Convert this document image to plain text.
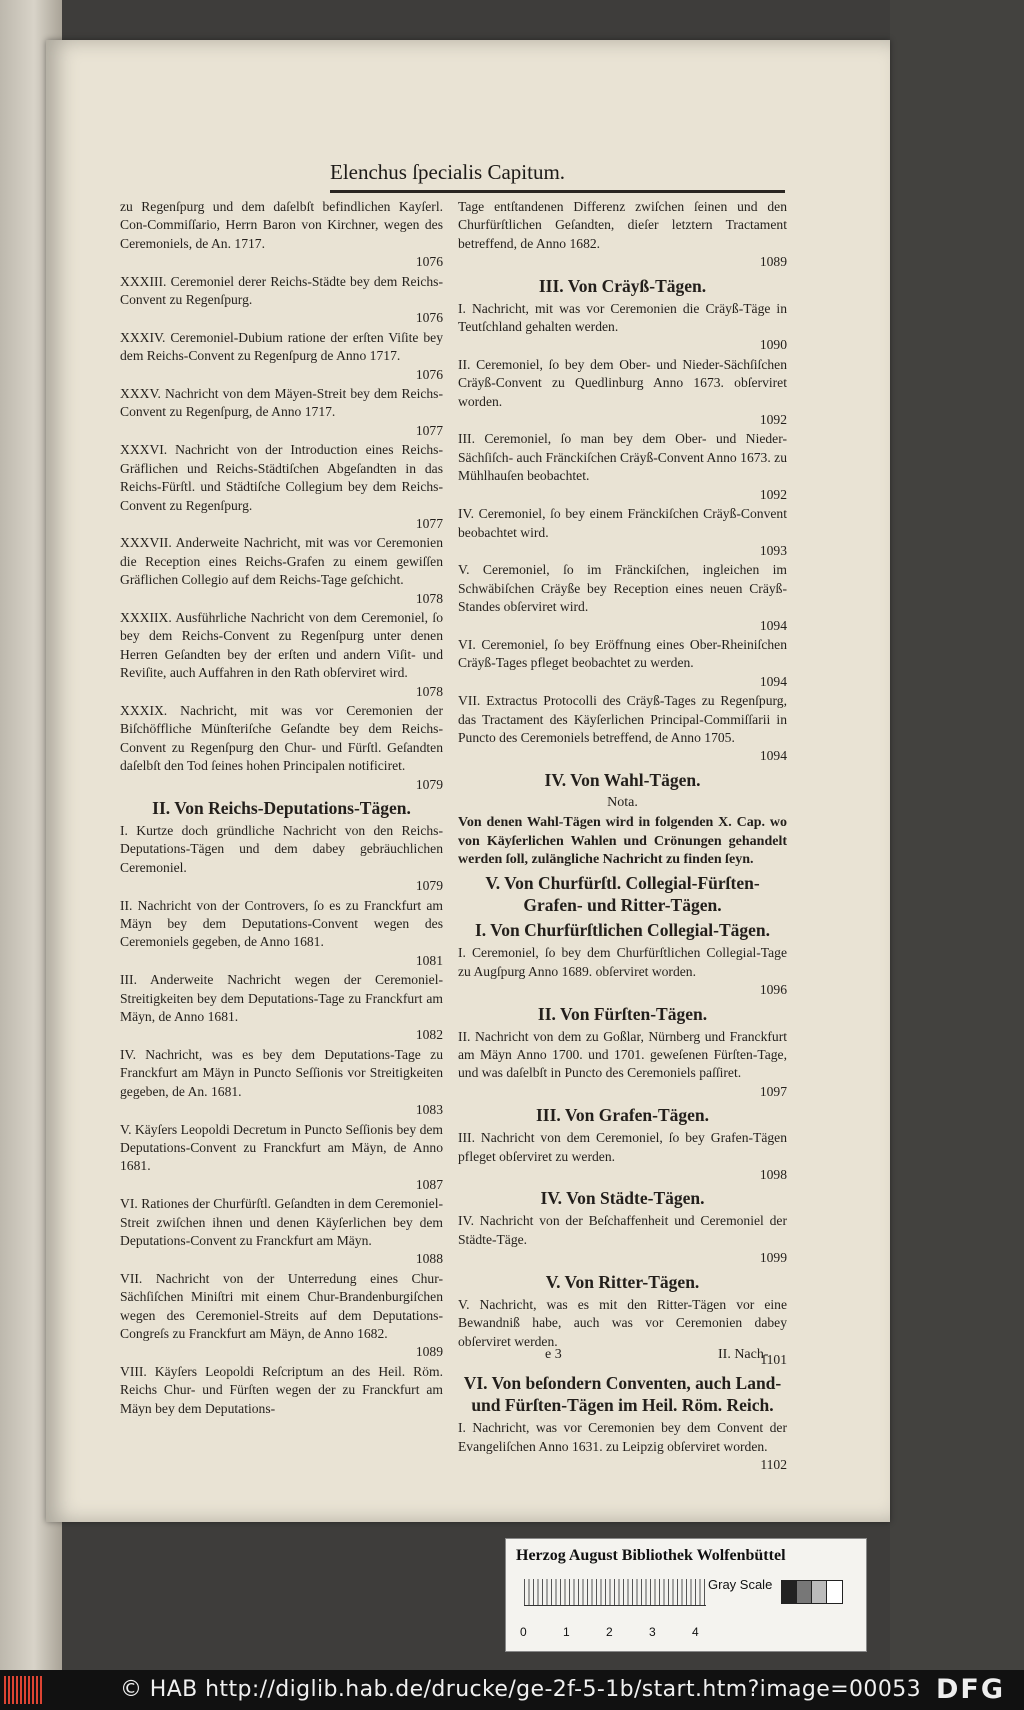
Elenchus ſpecialis Capitum.
zu Regenſpurg und dem daſelbſt befindlichen Kayſerl. Con-Commiſſario, Herrn Baron von Kirchner, wegen des Ceremoniels, de An. 1717.
1076
XXXIII. Ceremoniel derer Reichs-Städte bey dem Reichs-Convent zu Regenſpurg.
1076
XXXIV. Ceremoniel-Dubium ratione der erſten Viſite bey dem Reichs-Convent zu Regenſpurg de Anno 1717.
1076
XXXV. Nachricht von dem Mäyen-Streit bey dem Reichs-Convent zu Regenſpurg, de Anno 1717.
1077
XXXVI. Nachricht von der Introduction eines Reichs-Gräflichen und Reichs-Städtiſchen Abgeſandten in das Reichs-Fürſtl. und Städtiſche Collegium bey dem Reichs-Convent zu Regenſpurg.
1077
XXXVII. Anderweite Nachricht, mit was vor Ceremonien die Reception eines Reichs-Grafen zu einem gewiſſen Gräflichen Collegio auf dem Reichs-Tage geſchicht.
1078
XXXIIX. Ausführliche Nachricht von dem Ceremoniel, ſo bey dem Reichs-Convent zu Regenſpurg unter denen Herren Geſandten bey der erſten und andern Viſit- und Reviſite, auch Auffahren in den Rath obſerviret wird.
1078
XXXIX. Nachricht, mit was vor Ceremonien der Biſchöffliche Münſteriſche Geſandte bey dem Reichs-Convent zu Regenſpurg den Chur- und Fürſtl. Geſandten daſelbſt den Tod ſeines hohen Principalen notificiret.
1079
II. Von Reichs-Deputations-Tägen.
I. Kurtze doch gründliche Nachricht von den Reichs-Deputations-Tägen und dem dabey gebräuchlichen Ceremoniel.
1079
II. Nachricht von der Controvers, ſo es zu Franckfurt am Mäyn bey dem Deputations-Convent wegen des Ceremoniels gegeben, de Anno 1681.
1081
III. Anderweite Nachricht wegen der Ceremoniel-Streitigkeiten bey dem Deputations-Tage zu Franckfurt am Mäyn, de Anno 1681.
1082
IV. Nachricht, was es bey dem Deputations-Tage zu Franckfurt am Mäyn in Puncto Seſſionis vor Streitigkeiten gegeben, de An. 1681.
1083
V. Käyſers Leopoldi Decretum in Puncto Seſſionis bey dem Deputations-Convent zu Franckfurt am Mäyn, de Anno 1681.
1087
VI. Rationes der Churfürſtl. Geſandten in dem Ceremoniel-Streit zwiſchen ihnen und denen Käyſerlichen bey dem Deputations-Convent zu Franckfurt am Mäyn.
1088
VII. Nachricht von der Unterredung eines Chur-Sächſiſchen Miniſtri mit einem Chur-Brandenburgiſchen wegen des Ceremoniel-Streits auf dem Deputations-Congreſs zu Franckfurt am Mäyn, de Anno 1682.
1089
VIII. Käyſers Leopoldi Reſcriptum an des Heil. Röm. Reichs Chur- und Fürſten wegen der zu Franckfurt am Mäyn bey dem Deputations-
Tage entſtandenen Differenz zwiſchen ſeinen und den Churfürſtlichen Geſandten, dieſer letztern Tractament betreffend, de Anno 1682.
1089
III. Von Cräyß-Tägen.
I. Nachricht, mit was vor Ceremonien die Cräyß-Täge in Teutſchland gehalten werden.
1090
II. Ceremoniel, ſo bey dem Ober- und Nieder-Sächſiſchen Cräyß-Convent zu Quedlinburg Anno 1673. obſerviret worden.
1092
III. Ceremoniel, ſo man bey dem Ober- und Nieder-Sächſiſch- auch Fränckiſchen Cräyß-Convent Anno 1673. zu Mühlhauſen beobachtet.
1092
IV. Ceremoniel, ſo bey einem Fränckiſchen Cräyß-Convent beobachtet wird.
1093
V. Ceremoniel, ſo im Fränckiſchen, ingleichen im Schwäbiſchen Cräyße bey Reception eines neuen Cräyß-Standes obſerviret wird.
1094
VI. Ceremoniel, ſo bey Eröffnung eines Ober-Rheiniſchen Cräyß-Tages pfleget beobachtet zu werden.
1094
VII. Extractus Protocolli des Cräyß-Tages zu Regenſpurg, das Tractament des Käyſerlichen Principal-Commiſſarii in Puncto des Ceremoniels betreffend, de Anno 1705.
1094
IV. Von Wahl-Tägen.
Nota.
Von denen Wahl-Tägen wird in folgenden X. Cap. wo von Käyſerlichen Wahlen und Crönungen gehandelt werden ſoll, zulängliche Nachricht zu finden ſeyn.
V. Von Churfürſtl. Collegial-Fürſten-Grafen- und Ritter-Tägen.
I. Von Churfürſtlichen Collegial-Tägen.
I. Ceremoniel, ſo bey dem Churfürſtlichen Collegial-Tage zu Augſpurg Anno 1689. obſerviret worden.
1096
II. Von Fürſten-Tägen.
II. Nachricht von dem zu Goßlar, Nürnberg und Franckfurt am Mäyn Anno 1700. und 1701. geweſenen Fürſten-Tage, und was daſelbſt in Puncto des Ceremoniels paſſiret.
1097
III. Von Grafen-Tägen.
III. Nachricht von dem Ceremoniel, ſo bey Grafen-Tägen pfleget obſerviret zu werden.
1098
IV. Von Städte-Tägen.
IV. Nachricht von der Beſchaffenheit und Ceremoniel der Städte-Täge.
1099
V. Von Ritter-Tägen.
V. Nachricht, was es mit den Ritter-Tägen vor eine Bewandniß habe, auch was vor Ceremonien dabey obſerviret werden.
1101
VI. Von beſondern Conventen, auch Land- und Fürſten-Tägen im Heil. Röm. Reich.
I. Nachricht, was vor Ceremonien bey dem Convent der Evangeliſchen Anno 1631. zu Leipzig obſerviret worden.
1102
e 3	II. Nach-
Herzog August Bibliothek Wolfenbüttel
Gray Scale
0	1	2	3	4
© HAB http://diglib.hab.de/drucke/ge-2f-5-1b/start.htm?image=00053 DFG
